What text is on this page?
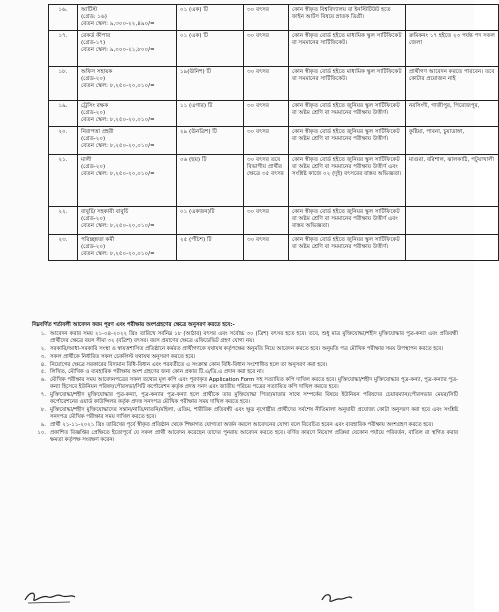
১৬.	আর্টিস্ট
(গ্রেড: ১৬)
বেতন স্কেল: ৯,৩০০-২২,৪৯০/=	০১ (এক) টি	৩০ বৎসর	কোন স্বীকৃত বিশ্ববিদ্যালয় বা ইনস্টিটিউট হতে ফাইন আর্টস বিষয়ে স্নাতক ডিগ্রী।	
১৭.	রেকর্ড কীপার
(গ্রেড-১৭)
বেতন স্কেল: ৯,০০০-২১,৮০০/=	০১ (এক) টি	৩০ বৎসর	কোন স্বীকৃত বোর্ড হইতে মাধ্যমিক স্কুল সার্টিফিকেট বা সমমানের সার্টিফিকেট।	ক্রমিকনং ১৭ হইতে ২৩ পর্যন্ত পদ সকল জেলা
১৮.	অফিস সহায়ক
(গ্রেড-২০)
বেতন স্কেল: ৮,২৫০-২০,০১০/=	১৯(ঊনিশ) টি	৩০ বৎসর	কোন স্বীকৃত বোর্ড হইতে মাধ্যমিক স্কুল সার্টিফিকেট বা সমমানের সার্টিফিকেট।	প্রার্থীগণ আবেদন করতে পারবেন। তবে কোটার প্রয়োজন নাই
১৯.	ট্রেসিং রক্ষক
(গ্রেড-২০)
বেতন স্কেল: ৮,২৫০-২০,০১০/=	১১ (এগার) টি	৩০ বৎসর	কোন স্বীকৃত বোর্ড হইতে জুনিয়র স্কুল সার্টিফিকেট বা অষ্টম শ্রেণি বা সমমানের পরীক্ষায় উত্তীর্ণ।	নরসিংদী, গাজীপুর, পিরোজপুর,
২০.	নিরাপত্তা প্রহরী
(গ্রেড-২০)
বেতন স্কেল: ৮,২৫০-২০,০১০/=	২৯ (ঊনত্রিশ) টি	৩০ বৎসর	কোন স্বীকৃত বোর্ড হইতে জুনিয়র স্কুল সার্টিফিকেট বা অষ্টম শ্রেণি বা সমমানের পরীক্ষায় উত্তীর্ণ।	কুষ্টিয়া, পাবনা, চুয়াডাঙ্গা,
২১.	মালী
(গ্রেড-২০)
বেতন স্কেল: ৮,২৫০-২০,০১০/=	০৬ (ছয়) টি	৩০ বৎসর তবে বিভাগীয় প্রার্থীর ক্ষেত্রে ৩৫ বৎসর	কোন স্বীকৃত বোর্ড হইতে জুনিয়র স্কুল সার্টিফিকেট বা অষ্টম শ্রেণি বা সমমানের পরীক্ষায় উত্তীর্ণ এবং সংশ্লিষ্ট কাজে ০২ (দুই) বৎসরের বাস্তব অভিজ্ঞতা।	মাগুরা, বরিশাল, ঝালকাঠি, পটুয়াখালী
২২.	বাবুর্চি/ সহকারী বাবুর্চি
(গ্রেড-২০)
বেতন স্কেল: ৮,২৫০-২০,০১০/=	০১ (একজন)টি	৩০ বৎসর	কোন স্বীকৃত বোর্ড হইতে জুনিয়র স্কুল সার্টিফিকেট বা অষ্টম শ্রেণি বা সমমানের পরীক্ষায় উত্তীর্ণ এবং বাস্তব অভিজ্ঞতা।	
২৩.	পরিচ্ছন্নতা কর্মী
(গ্রেড-২০)
বেতন স্কেল: ৮,২৫০-২০,০১০/=	২৫ (পঁচিশ) টি	৩০ বৎসর	কোন স্বীকৃত বোর্ড হইতে জুনিয়র স্কুল সার্টিফিকেট বা অষ্টম শ্রেণি বা সমমানের পরীক্ষায় উত্তীর্ণ।	

নিম্নবর্ণিত শর্তাবলী আবেদন ফরম পূরণ এবং পরীক্ষায় অংশগ্রহণের ক্ষেত্রে অনুসরণ করতে হবে:-

১. আবেদন করার সময় ২১-০৪-২০২২ খ্রিঃ তারিখে সর্বনিম্ন ১৮ (আঠার) বৎসর এবং সর্বোচ্চ ৩০ (ত্রিশ) বৎসর হতে হবে। তবে, শুধু মাত্র মুক্তিযোদ্ধা/শহীদ মুক্তিযোদ্ধার পুত্র-কন্যা এবং প্রতিবন্ধী প্রার্থীদের ক্ষেত্রে বয়স সীমা ৩২ (বত্রিশ) বৎসর। বয়স প্রমাণের ক্ষেত্রে এফিডেভিট গ্রহণ যোগ্য নয়।
২. সরকারি/আধা-সরকারি সংস্থা ও স্বায়ত্তশাসিত প্রতিষ্ঠানে কর্মরত প্রার্থীগণকে যথাযথ কর্তৃপক্ষের অনুমতি নিয়ে আবেদন করতে হবে। অনুমতি পত্র মৌখিক পরীক্ষার সময় উপস্থাপন করতে হবে।
৩. সকল প্রার্থীকে নির্ধারিত সকল চেকলিস্ট যথাযথ অনুসরণ করতে হবে।
৪. নিয়োগের ক্ষেত্রে সরকারের বিদ্যমান বিধি-বিধান এবং পরবর্তীতে এ সংক্রান্ত কোন বিধি-বিধান সংশোধিত হলে তা অনুসরণ করা হবে।
৫. লিখিত, মৌখিক ও ব্যবহারিক পরীক্ষায় অংশ গ্রহণের জন্য কোন প্রকার টি.এ/ডি.এ প্রদান করা হবে না।
৬. মৌখিক পরীক্ষার সময় আবেদনপত্রের সকল তথ্যের মূল কপি এবং পূরণকৃত Application Form সহ সত্যায়িত কপি দাখিল করতে হবে। মুক্তিযোদ্ধা/শহীদ মুক্তিযোদ্ধার পুত্র-কন্যা, পুত্র-কন্যার পুত্র-কন্যা হিসেবে ইউনিয়ন পরিষদ/পৌরসভা/সিটি কর্পোরেশন কর্তৃক প্রদত্ত সনদ এবং জাতীয় পরিচয় পত্রের সত্যায়িত কপি দাখিল করতে হবে।
৭. মুক্তিযোদ্ধা/শহীদ মুক্তিযোদ্ধার পুত্র-কন্যা, পুত্র-কন্যার পুত্র-কন্যা হলে প্রার্থীকে তার মুক্তিযোদ্ধা পিতা/মাতার সাথে সম্পর্কের বিষয়ে ইউনিয়ন পরিষদের চেয়ারম্যান/পৌরসভার মেয়র/সিটি কর্পোরেশনের ওয়ার্ড কাউন্সিলর কর্তৃক প্রদত্ত সনদপত্র মৌখিক পরীক্ষার সময় দাখিল করতে হবে।
৮. মুক্তিযোদ্ধা/শহীদ মুক্তিযোদ্ধাদের সন্তান/নাতি/নাতনি/মহিলা, এতিম, শারীরিক প্রতিবন্ধী এবং ক্ষুদ্র নৃগোষ্ঠীর প্রার্থীদের সর্বশেষ নীতিমালা অনুযায়ী প্রযোজ্য কোটা অনুসরণ করা হবে এবং সংশ্লিষ্ট সনদপত্র মৌখিক পরীক্ষার সময় দাখিল করতে হবে।
৯. প্রার্থী ২১-১১-২০২১ খ্রিঃ তারিখের পূর্বে স্বীকৃত প্রতিষ্ঠান থেকে শিক্ষাগত যোগ্যতা অর্জন করলে আবেদনের যোগ্য বলে বিবেচিত হবেন এবং ব্যবহারিক পরীক্ষায় অংশগ্রহণ করতে হবে।
১০. প্রকাশিত বিজ্ঞপ্তির প্রেক্ষিতে ইতোপূর্বে যে সকল প্রার্থী আবেদন করেছেন তাদের পুনরায় আবেদন করতে হবে। বর্ণিত কারণে নিয়োগ প্রক্রিয়া যেকোন পর্যায়ে পরিবর্তন, বাতিল বা স্থগিত করার ক্ষমতা কর্তৃপক্ষ সংরক্ষণ করেন।
